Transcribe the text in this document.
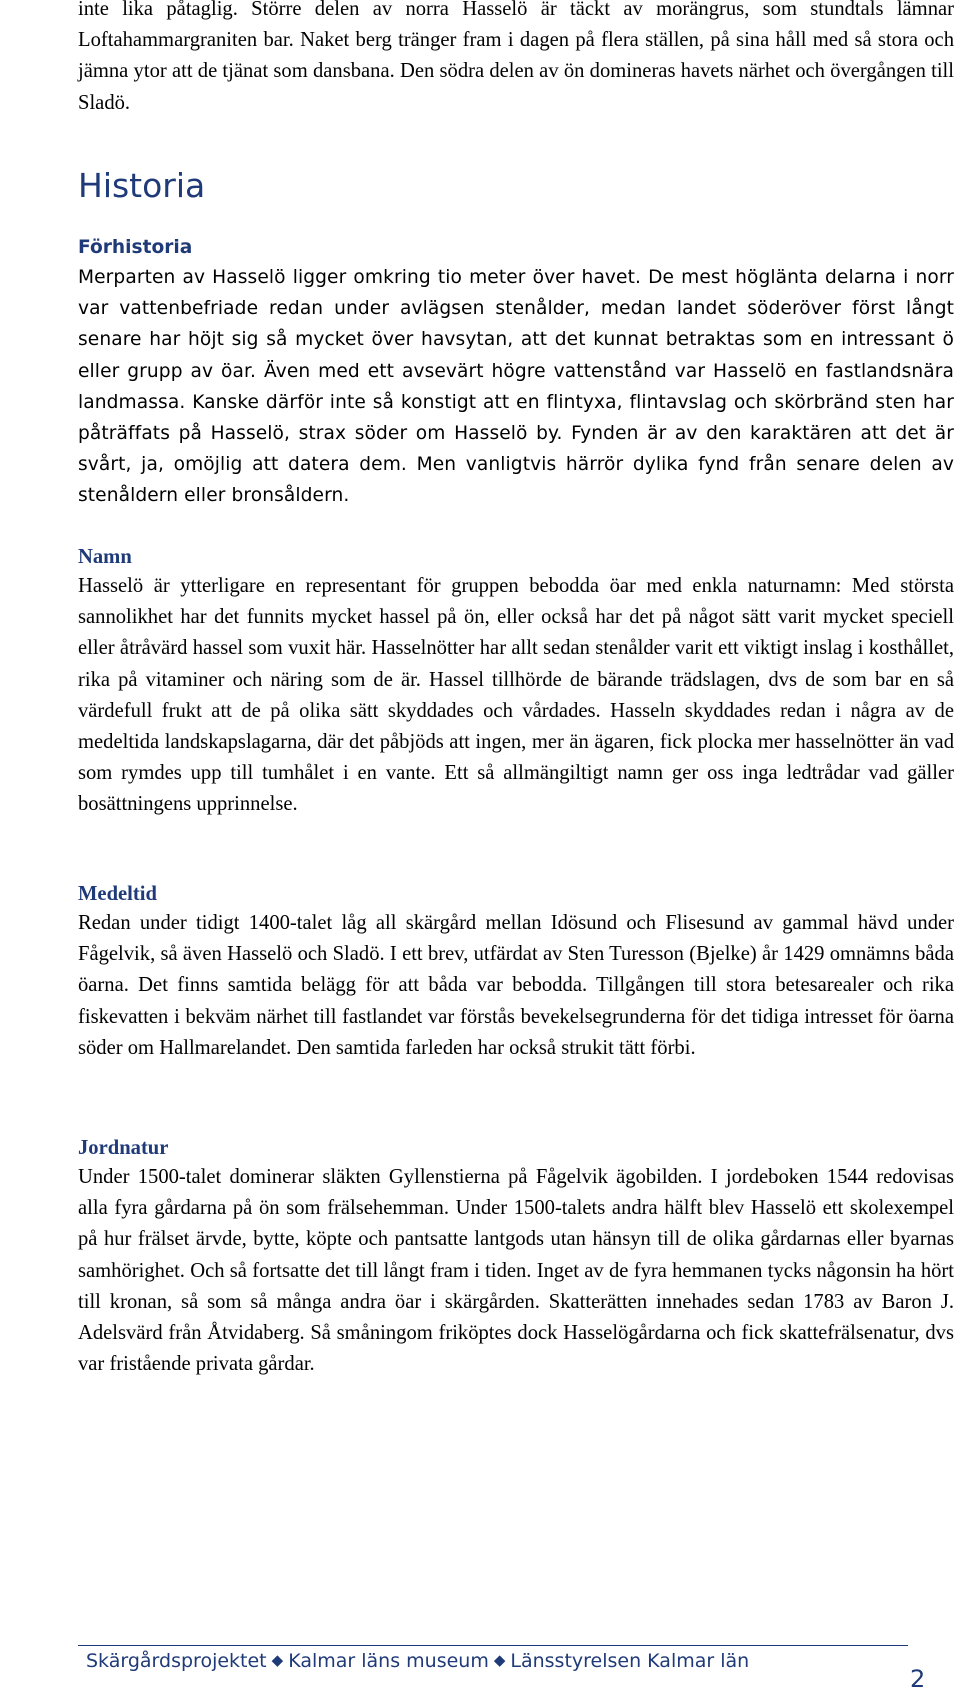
inte lika påtaglig. Större delen av norra Hasselö är täckt av morängrus, som stundtals lämnar Loftahammargraniten bar. Naket berg tränger fram i dagen på flera ställen, på sina håll med så stora och jämna ytor att de tjänat som dansbana. Den södra delen av ön domineras havets närhet och övergången till Sladö.

Historia
Förhistoria

Merparten av Hasselö ligger omkring tio meter över havet. De mest högläntа delarna i norr var vattenbefriade redan under avlägsen stenålder, medan landet söderöver först långt senare har höjt sig så mycket över havsytan, att det kunnat betraktas som en intressant ö eller grupp av öar. Även med ett avsevärt högre vattenstånd var Hasselö en fastlandsnära landmassa. Kanske därför inte så konstigt att en flintyxa, flintavslag och skörbränd sten har påträffats på Hasselö, strax söder om Hasselö by. Fynden är av den karaktären att det är svårt, ja, omöjlig att datera dem. Men vanligtvis härrör dylika fynd från senare delen av stenåldern eller bronsåldern.

Namn

Hasselö är ytterligare en representant för gruppen bebodda öar med enkla naturnamn: Med största sannolikhet har det funnits mycket hassel på ön, eller också har det på något sätt varit mycket speciell eller åtråvärd hassel som vuxit här. Hasselnötter har allt sedan stenålder varit ett viktigt inslag i kosthållet, rika på vitaminer och näring som de är. Hassel tillhörde de bärande trädslagen, dvs de som bar en så värdefull frukt att de på olika sätt skyddades och vårdades. Hasseln skyddades redan i några av de medeltida landskapslagarna, där det påbjöds att ingen, mer än ägaren, fick plocka mer hasselnötter än vad som rymdes upp till tumhålet i en vante. Ett så allmängiltigt namn ger oss inga ledtrådar vad gäller bosättningens upprinnelse.

Medeltid

Redan under tidigt 1400-talet låg all skärgård mellan Idösund och Flisesund av gammal hävd under Fågelvik, så även Hasselö och Sladö. I ett brev, utfärdat av Sten Turesson (Bjelke) år 1429 omnämns båda öarna. Det finns samtida belägg för att båda var bebodda. Tillgången till stora betesarealer och rika fiskevatten i bekväm närhet till fastlandet var förstås bevekelsegrunderna för det tidiga intresset för öarna söder om Hallmarelandet. Den samtida farleden har också strukit tätt förbi.

Jordnatur

Under 1500-talet dominerar släkten Gyllenstierna på Fågelvik ägobilden. I jordeboken 1544 redovisas alla fyra gårdarna på ön som frälsehemman. Under 1500-talets andra hälft blev Hasselö ett skolexempel på hur frälset ärvde, bytte, köpte och pantsatte lantgods utan hänsyn till de olika gårdarnas eller byarnas samhörighet. Och så fortsatte det till långt fram i tiden. Inget av de fyra hemmanen tycks någonsin ha hört till kronan, så som så många andra öar i skärgården. Skatterätten innehades sedan 1783 av Baron J. Adelsvärd från Åtvidaberg. Så småningom friköptes dock Hasselögårdarna och fick skattefrälsenatur, dvs var fristående privata gårdar.

Skärgårdsprojektet ◆ Kalmar läns museum ◆ Länsstyrelsen Kalmar län
2
